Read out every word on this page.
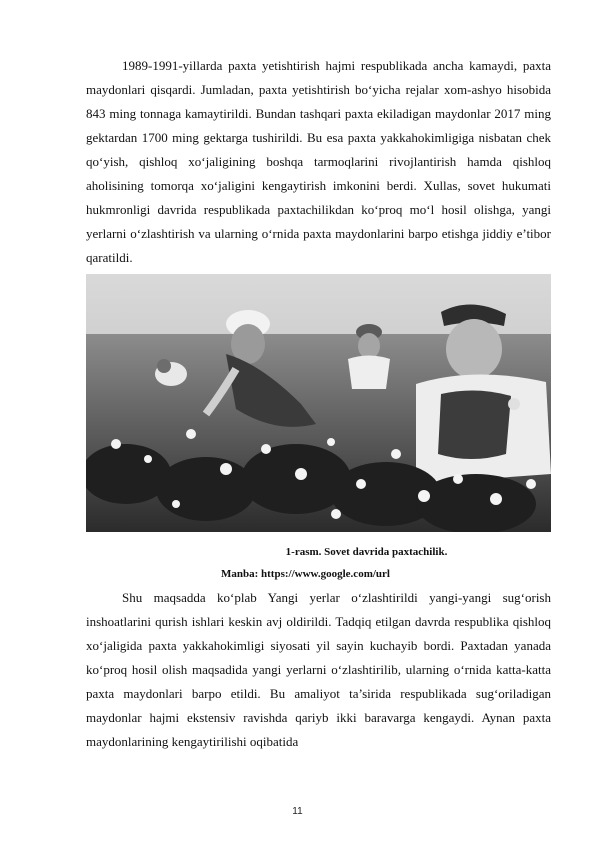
1989-1991-yillarda paxta yetishtirish hajmi respublikada ancha kamaydi, paxta maydonlari qisqardi. Jumladan, paxta yetishtirish bo‘yicha rejalar xom-ashyo hisobida 843 ming tonnaga kamaytirildi. Bundan tashqari paxta ekiladigan maydonlar 2017 ming gektardan 1700 ming gektarga tushirildi. Bu esa paxta yakkahokimligiga nisbatan chek qo‘yish, qishloq xo‘jaligining boshqa tarmoqlarini rivojlantirish hamda qishloq aholisining tomorqa xo‘jaligini kengaytirish imkonini berdi. Xullas, sovet hukumati hukmronligi davrida respublikada paxtachilikdan ko‘proq mo‘l hosil olishga, yangi yerlarni o‘zlashtirish va ularning o‘rnida paxta maydonlarini barpo etishga jiddiy e’tibor qaratildi.

1-rasm. Sovet davrida paxtachilik.

Manba: https://www.google.com/url

Shu maqsadda ko‘plab Yangi yerlar o‘zlashtirildi yangi-yangi sug‘orish inshoatlarini qurish ishlari keskin avj oldirildi. Tadqiq etilgan davrda respublika qishloq xo‘jaligida paxta yakkahokimligi siyosati yil sayin kuchayib bordi. Paxtadan yanada ko‘proq hosil olish maqsadida yangi yerlarni o‘zlashtirilib, ularning o‘rnida katta-katta paxta maydonlari barpo etildi. Bu amaliyot ta’sirida respublikada sug‘oriladigan maydonlar hajmi ekstensiv ravishda qariyb ikki baravarga kengaydi. Aynan paxta maydonlarining kengaytirilishi oqibatida

11
